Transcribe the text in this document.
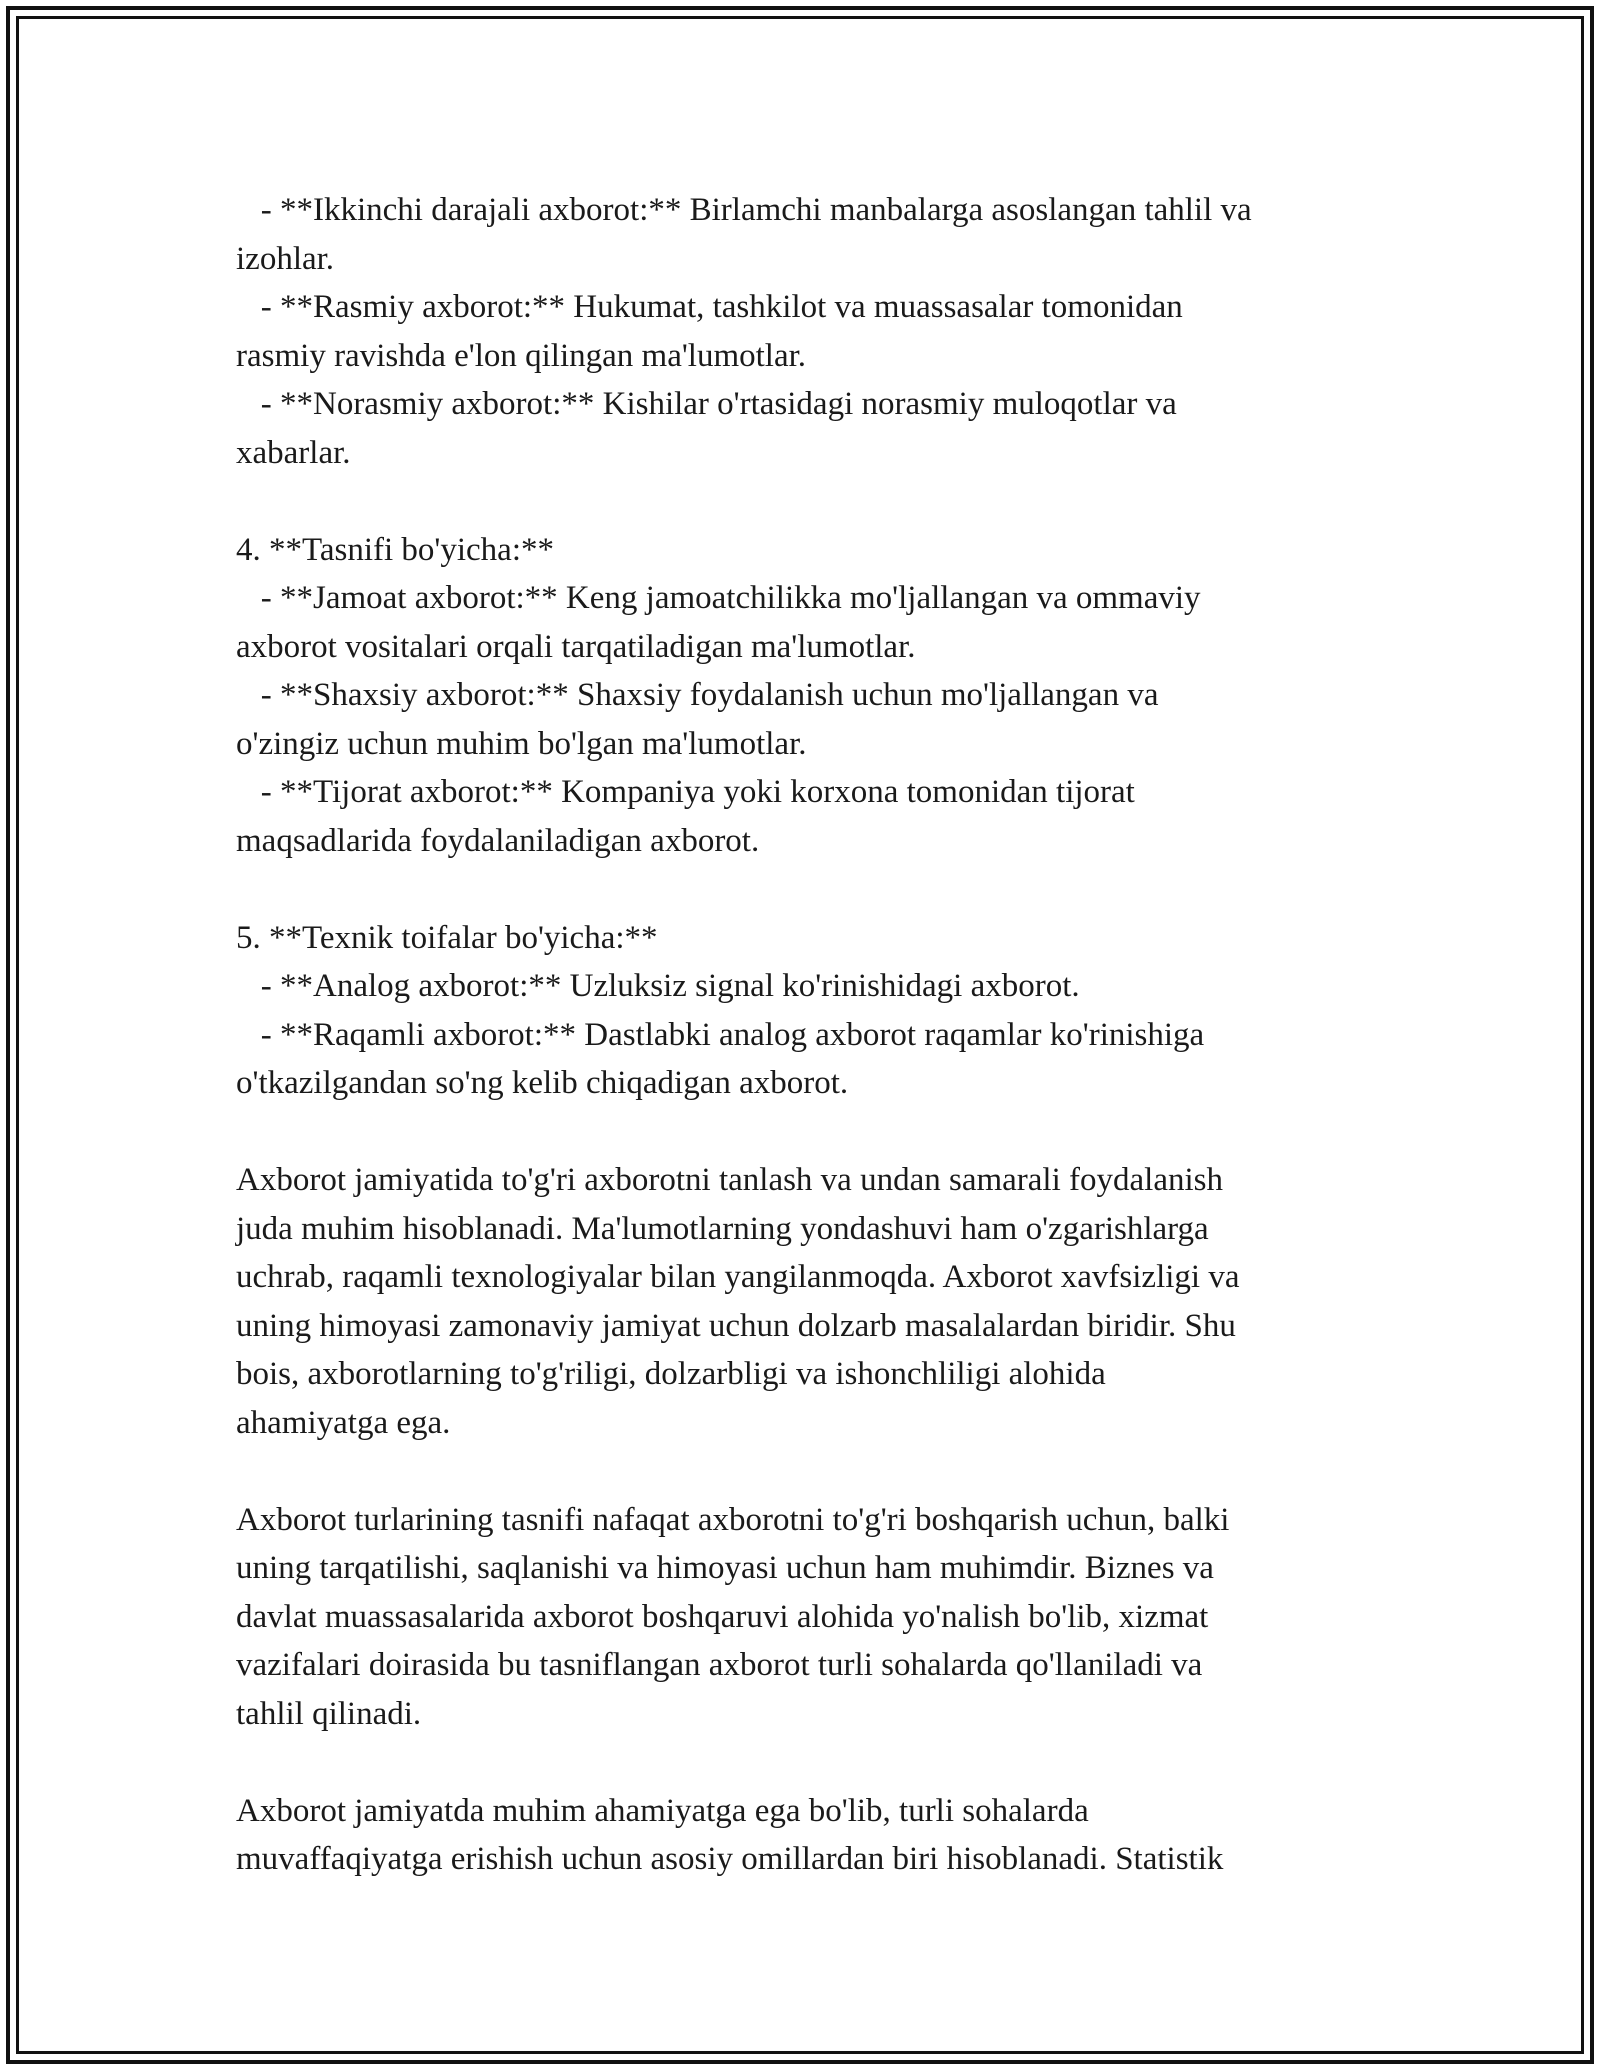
- **Ikkinchi darajali axborot:** Birlamchi manbalarga asoslangan tahlil va
izohlar.
- **Rasmiy axborot:** Hukumat, tashkilot va muassasalar tomonidan
rasmiy ravishda e'lon qilingan ma'lumotlar.
- **Norasmiy axborot:** Kishilar o'rtasidagi norasmiy muloqotlar va
xabarlar.
4. **Tasnifi bo'yicha:**
- **Jamoat axborot:** Keng jamoatchilikka mo'ljallangan va ommaviy
axborot vositalari orqali tarqatiladigan ma'lumotlar.
- **Shaxsiy axborot:** Shaxsiy foydalanish uchun mo'ljallangan va
o'zingiz uchun muhim bo'lgan ma'lumotlar.
- **Tijorat axborot:** Kompaniya yoki korxona tomonidan tijorat
maqsadlarida foydalaniladigan axborot.
5. **Texnik toifalar bo'yicha:**
- **Analog axborot:** Uzluksiz signal ko'rinishidagi axborot.
- **Raqamli axborot:** Dastlabki analog axborot raqamlar ko'rinishiga
o'tkazilgandan so'ng kelib chiqadigan axborot.
Axborot jamiyatida to'g'ri axborotni tanlash va undan samarali foydalanish
juda muhim hisoblanadi. Ma'lumotlarning yondashuvi ham o'zgarishlarga
uchrab, raqamli texnologiyalar bilan yangilanmoqda. Axborot xavfsizligi va
uning himoyasi zamonaviy jamiyat uchun dolzarb masalalardan biridir. Shu
bois, axborotlarning to'g'riligi, dolzarbligi va ishonchliligi alohida
ahamiyatga ega.
Axborot turlarining tasnifi nafaqat axborotni to'g'ri boshqarish uchun, balki
uning tarqatilishi, saqlanishi va himoyasi uchun ham muhimdir. Biznes va
davlat muassasalarida axborot boshqaruvi alohida yo'nalish bo'lib, xizmat
vazifalari doirasida bu tasniflangan axborot turli sohalarda qo'llaniladi va
tahlil qilinadi.
Axborot jamiyatda muhim ahamiyatga ega bo'lib, turli sohalarda
muvaffaqiyatga erishish uchun asosiy omillardan biri hisoblanadi. Statistik
